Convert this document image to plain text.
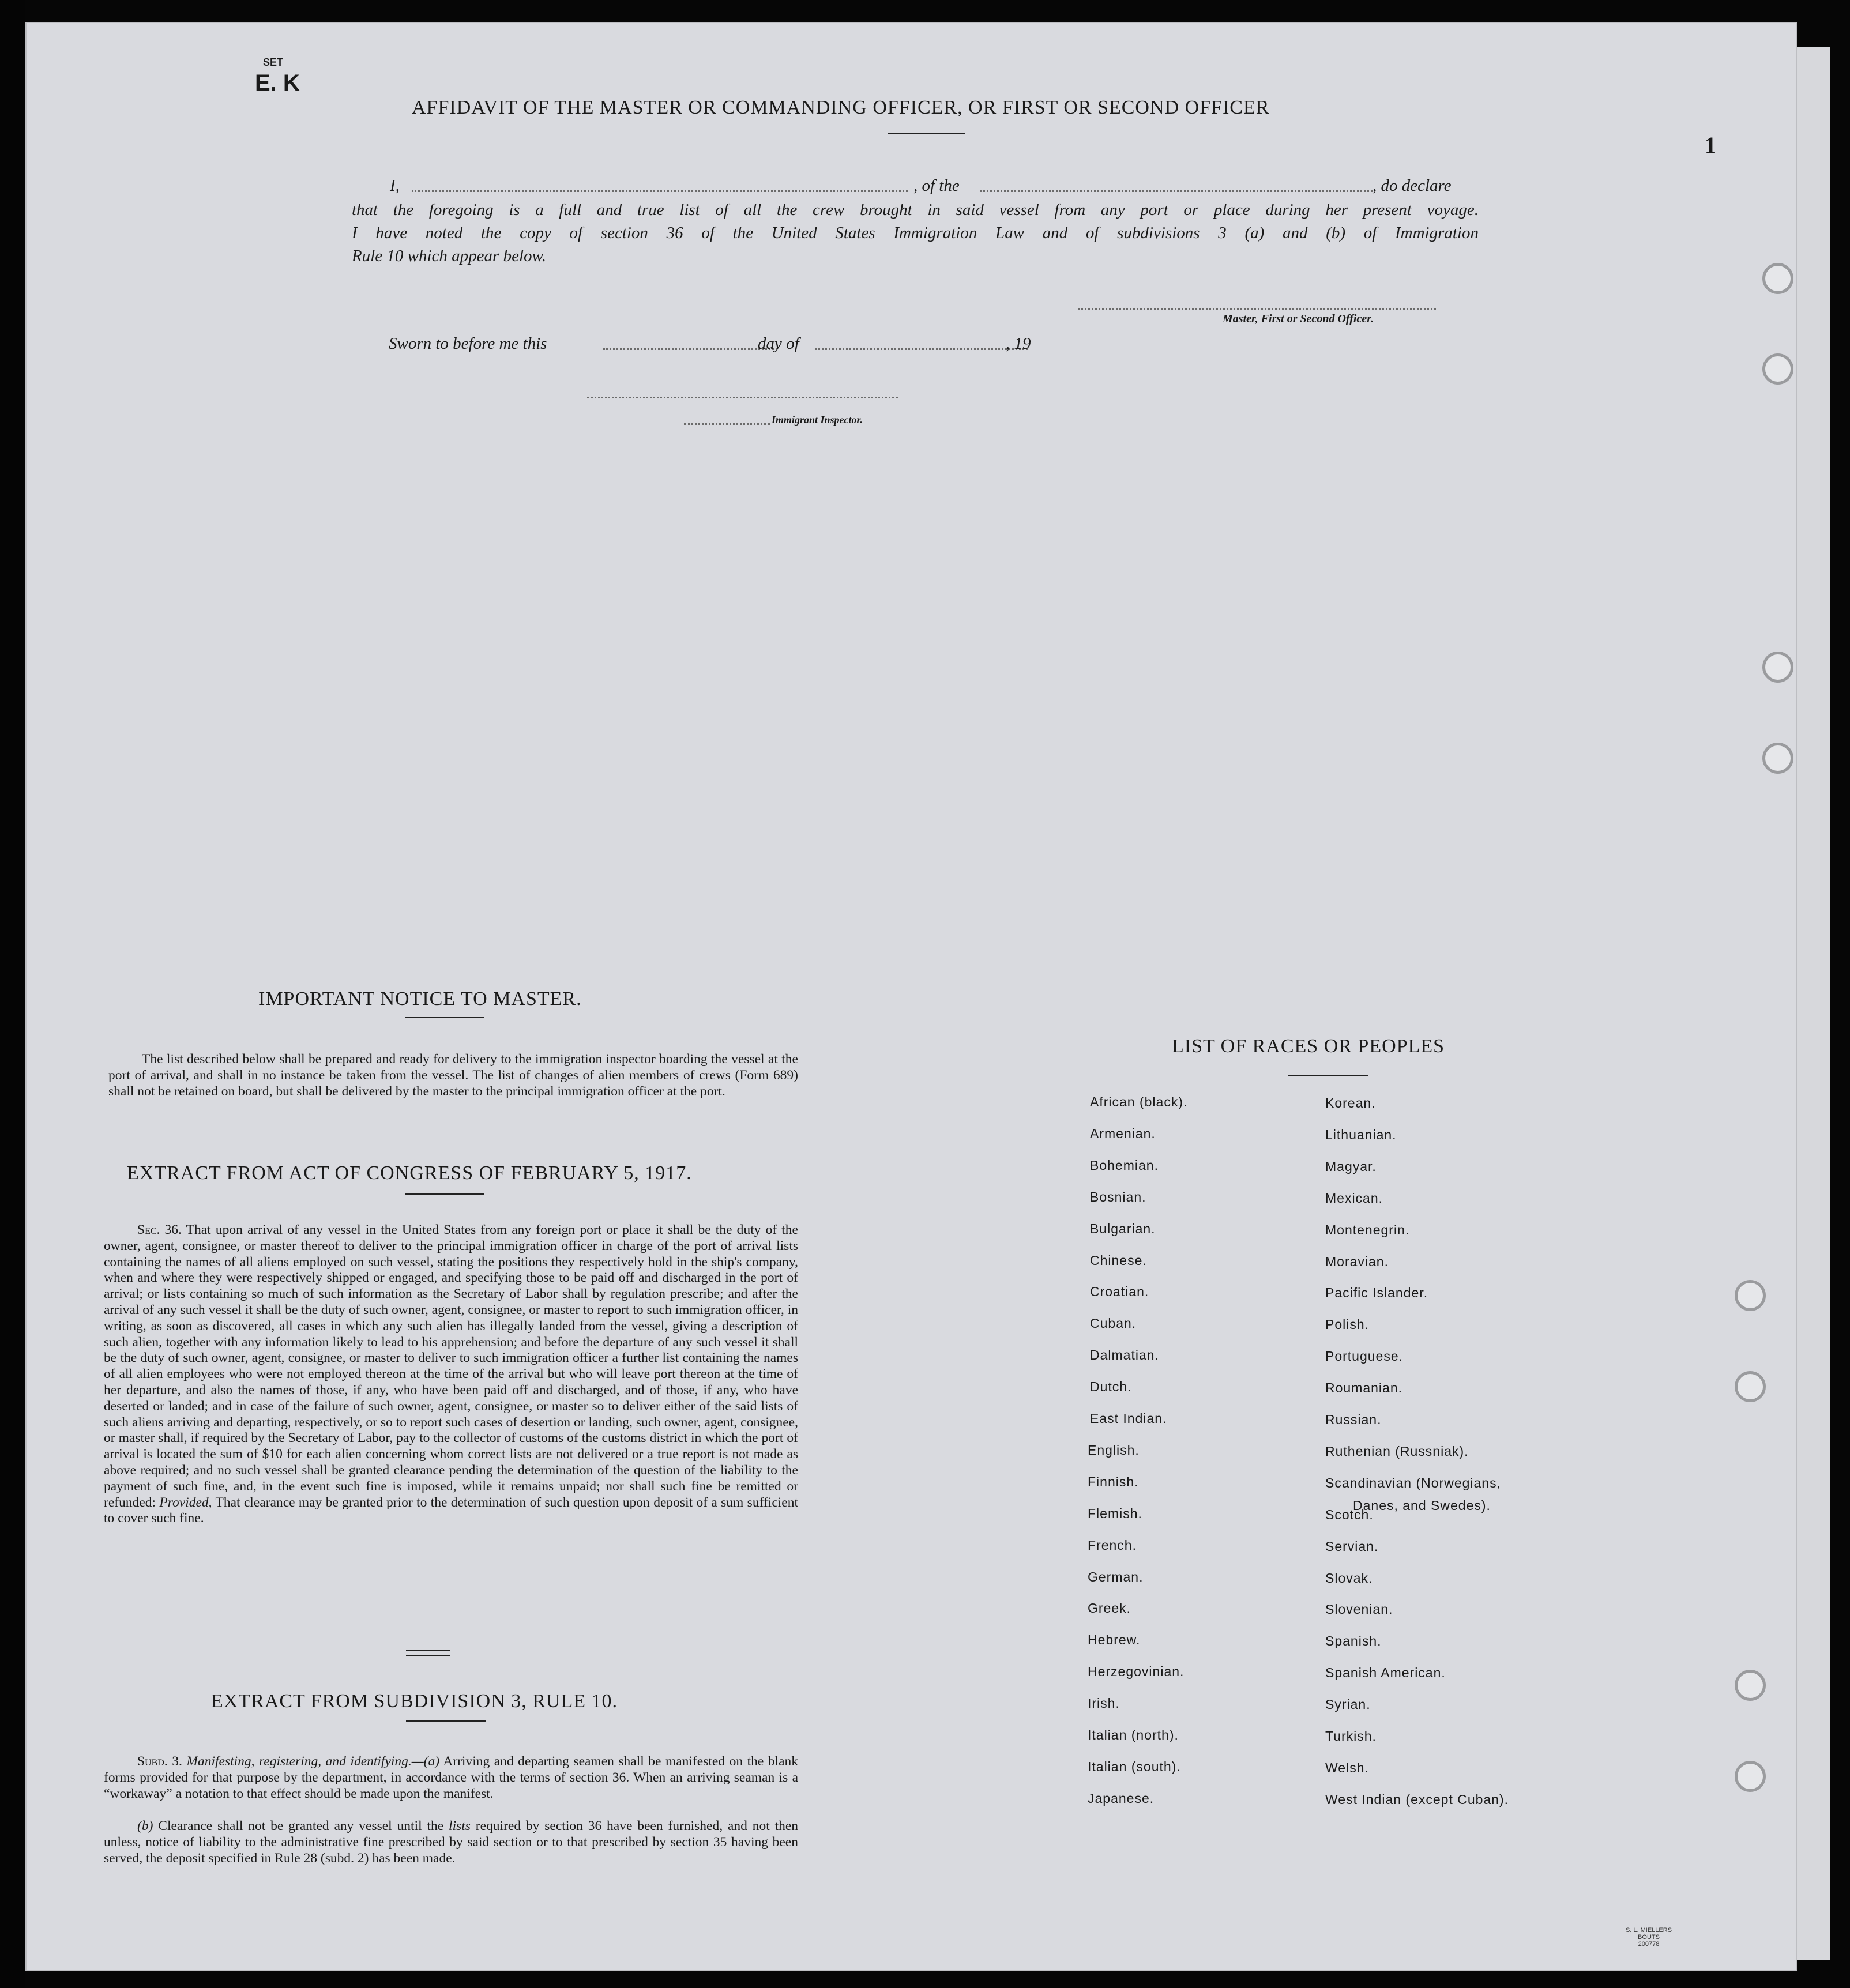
SET
E. K
AFFIDAVIT OF THE MASTER OR COMMANDING OFFICER, OR FIRST OR SECOND OFFICER
I,	, of the	, do declare
that the foregoing is a full and true list of all the crew brought in said vessel from any port or place during her present voyage.
I have noted the copy of section 36 of the United States Immigration Law and of subdivisions 3 (a) and (b) of Immigration
Rule 10 which appear below.
Master, First or Second Officer.
Sworn to before me this	day of	, 19
Immigrant Inspector.
1
IMPORTANT NOTICE TO MASTER.
The list described below shall be prepared and ready for delivery to the immigration inspector boarding the vessel at the port of arrival, and shall in no instance be taken from the vessel. The list of changes of alien members of crews (Form 689) shall not be retained on board, but shall be delivered by the master to the principal immigration officer at the port.
EXTRACT FROM ACT OF CONGRESS OF FEBRUARY 5, 1917.
Sec. 36. That upon arrival of any vessel in the United States from any foreign port or place it shall be the duty of the owner, agent, consignee, or master thereof to deliver to the principal immigration officer in charge of the port of arrival lists containing the names of all aliens employed on such vessel, stating the positions they respectively hold in the ship's company, when and where they were respectively shipped or engaged, and specifying those to be paid off and discharged in the port of arrival; or lists containing so much of such information as the Secretary of Labor shall by regulation prescribe; and after the arrival of any such vessel it shall be the duty of such owner, agent, consignee, or master to report to such immigration officer, in writing, as soon as discovered, all cases in which any such alien has illegally landed from the vessel, giving a description of such alien, together with any information likely to lead to his apprehension; and before the departure of any such vessel it shall be the duty of such owner, agent, consignee, or master to deliver to such immigration officer a further list containing the names of all alien employees who were not employed thereon at the time of the arrival but who will leave port thereon at the time of her departure, and also the names of those, if any, who have been paid off and discharged, and of those, if any, who have deserted or landed; and in case of the failure of such owner, agent, consignee, or master so to deliver either of the said lists of such aliens arriving and departing, respectively, or so to report such cases of desertion or landing, such owner, agent, consignee, or master shall, if required by the Secretary of Labor, pay to the collector of customs of the customs district in which the port of arrival is located the sum of $10 for each alien concerning whom correct lists are not delivered or a true report is not made as above required; and no such vessel shall be granted clearance pending the determination of the question of the liability to the payment of such fine, and, in the event such fine is imposed, while it remains unpaid; nor shall such fine be remitted or refunded: Provided, That clearance may be granted prior to the determination of such question upon deposit of a sum sufficient to cover such fine.
EXTRACT FROM SUBDIVISION 3, RULE 10.
Subd. 3. Manifesting, registering, and identifying.—(a) Arriving and departing seamen shall be manifested on the blank forms provided for that purpose by the department, in accordance with the terms of section 36. When an arriving seaman is a “workaway” a notation to that effect should be made upon the manifest.
(b) Clearance shall not be granted any vessel until the lists required by section 36 have been furnished, and not then unless, notice of liability to the administrative fine prescribed by said section or to that prescribed by section 35 having been served, the deposit specified in Rule 28 (subd. 2) has been made.
LIST OF RACES OR PEOPLES
African (black).
Armenian.
Bohemian.
Bosnian.
Bulgarian.
Chinese.
Croatian.
Cuban.
Dalmatian.
Dutch.
East Indian.
English.
Finnish.
Flemish.
French.
German.
Greek.
Hebrew.
Herzegovinian.
Irish.
Italian (north).
Italian (south).
Japanese.
Korean.
Lithuanian.
Magyar.
Mexican.
Montenegrin.
Moravian.
Pacific Islander.
Polish.
Portuguese.
Roumanian.
Russian.
Ruthenian (Russniak).
Scandinavian (Norwegians,
Scotch.
Servian.
Slovak.
Slovenian.
Spanish.
Spanish American.
Syrian.
Turkish.
Welsh.
West Indian (except Cuban).
Danes, and Swedes).
S. L. MIELLERS BOUTS
200778
